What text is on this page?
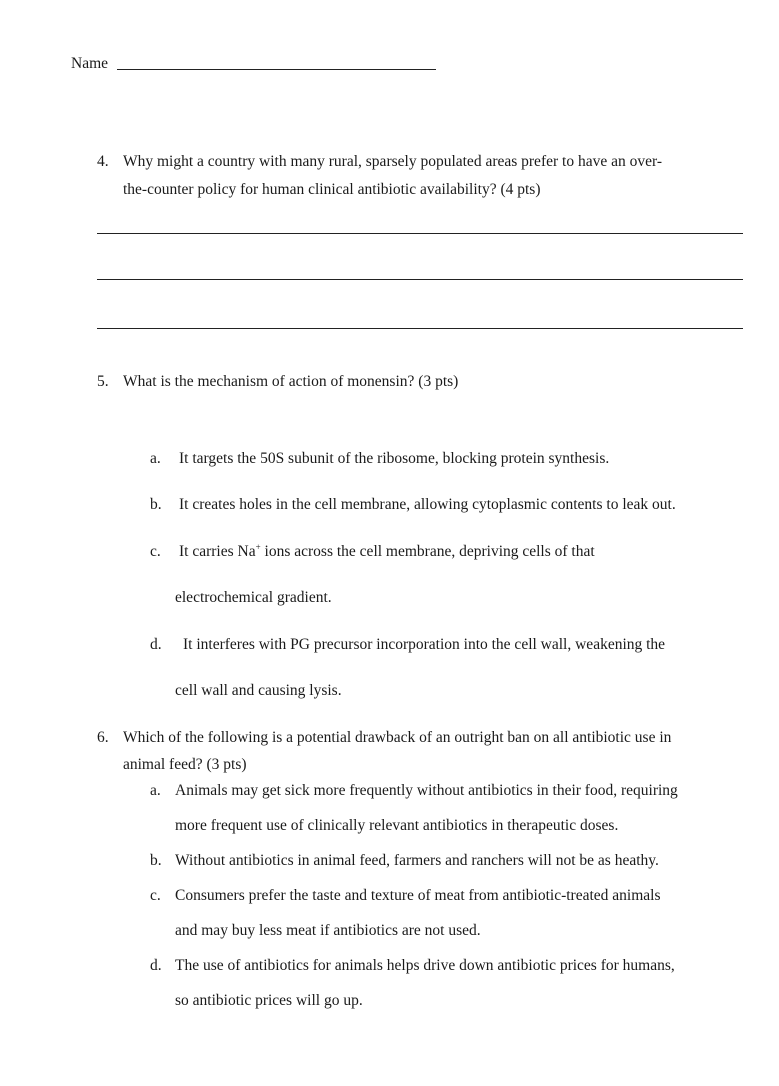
Name
4. Why might a country with many rural, sparsely populated areas prefer to have an over-
the-counter policy for human clinical antibiotic availability? (4 pts)
5. What is the mechanism of action of monensin? (3 pts)
a. It targets the 50S subunit of the ribosome, blocking protein synthesis.
b. It creates holes in the cell membrane, allowing cytoplasmic contents to leak out.
c. It carries Na+ ions across the cell membrane, depriving cells of that
electrochemical gradient.
d. It interferes with PG precursor incorporation into the cell wall, weakening the
cell wall and causing lysis.
6. Which of the following is a potential drawback of an outright ban on all antibiotic use in
animal feed? (3 pts)
a. Animals may get sick more frequently without antibiotics in their food, requiring
more frequent use of clinically relevant antibiotics in therapeutic doses.
b. Without antibiotics in animal feed, farmers and ranchers will not be as heathy.
c. Consumers prefer the taste and texture of meat from antibiotic-treated animals
and may buy less meat if antibiotics are not used.
d. The use of antibiotics for animals helps drive down antibiotic prices for humans,
so antibiotic prices will go up.
